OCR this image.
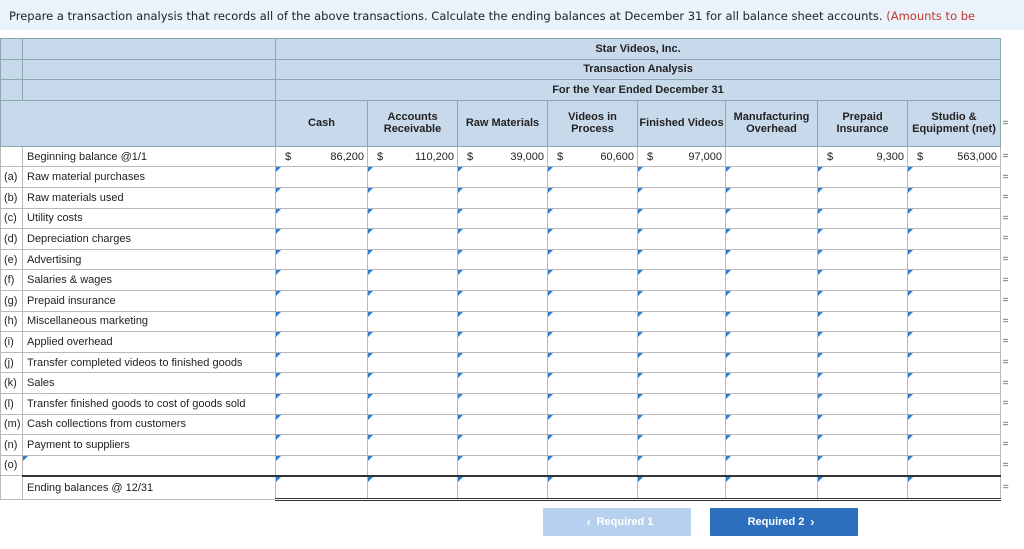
Prepare a transaction analysis that records all of the above transactions. Calculate the ending balances at December 31 for all balance sheet accounts. (Amounts to be
		Star Videos, Inc.								
		Transaction Analysis								
		For the Year Ended December 31								
		Cash	Accounts Receivable	Raw Materials	Videos in Process	Finished Videos	Manufacturing Overhead	Prepaid Insurance	Studio & Equipment (net)	=
	Beginning balance @1/1	$ 86,200	$ 110,200	$ 39,000	$ 60,600	$ 97,000		$ 9,300	$ 563,000	=
(a)	Raw material purchases									=
(b)	Raw materials used									=
(c)	Utility costs									=
(d)	Depreciation charges									=
(e)	Advertising									=
(f)	Salaries & wages									=
(g)	Prepaid insurance									=
(h)	Miscellaneous marketing									=
(i)	Applied overhead									=
(j)	Transfer completed videos to finished goods									=
(k)	Sales									=
(l)	Transfer finished goods to cost of goods sold									=
(m)	Cash collections from customers									=
(n)	Payment to suppliers									=
(o)										=
	Ending balances @ 12/31									=
‹ Required 1	Required 2 ›
